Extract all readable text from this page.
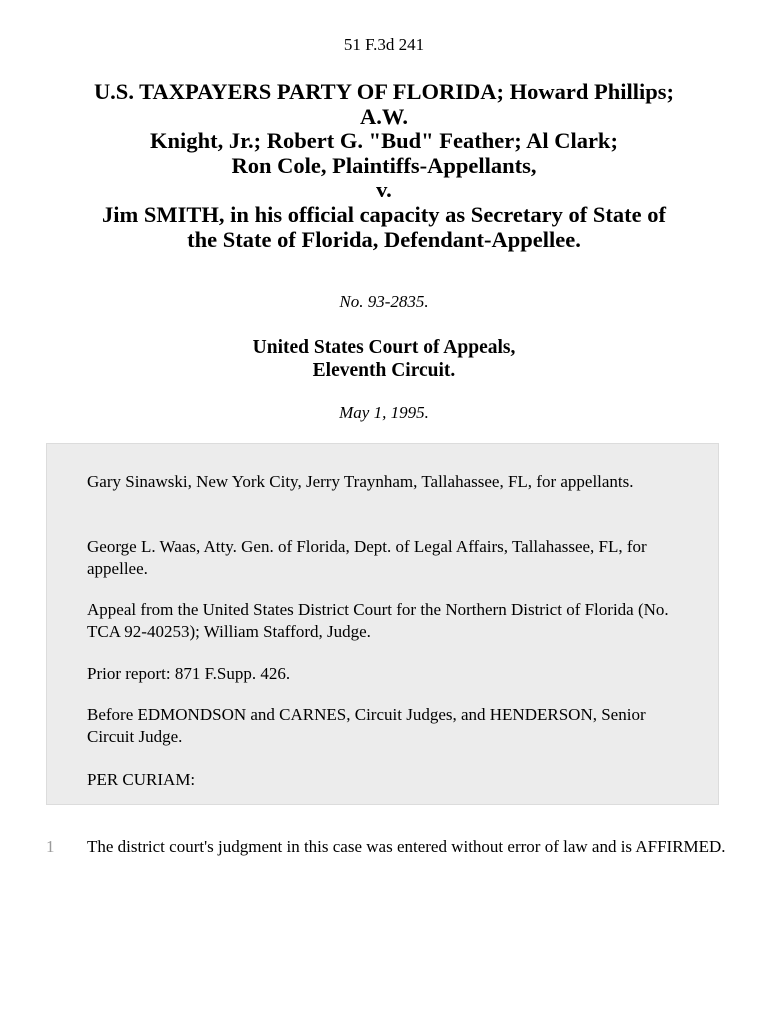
51 F.3d 241
U.S. TAXPAYERS PARTY OF FLORIDA; Howard Phillips;
A.W.
Knight, Jr.; Robert G. "Bud" Feather; Al Clark;
Ron Cole, Plaintiffs-Appellants,
v.
Jim SMITH, in his official capacity as Secretary of State of
the State of Florida, Defendant-Appellee.
No. 93-2835.
United States Court of Appeals,
Eleventh Circuit.
May 1, 1995.

Gary Sinawski, New York City, Jerry Traynham, Tallahassee, FL, for appellants.

George L. Waas, Atty. Gen. of Florida, Dept. of Legal Affairs, Tallahassee, FL, for appellee.

Appeal from the United States District Court for the Northern District of Florida (No. TCA 92-40253); William Stafford, Judge.

Prior report: 871 F.Supp. 426.

Before EDMONDSON and CARNES, Circuit Judges, and HENDERSON, Senior Circuit Judge.

PER CURIAM:

1 The district court's judgment in this case was entered without error of law and is AFFIRMED.
